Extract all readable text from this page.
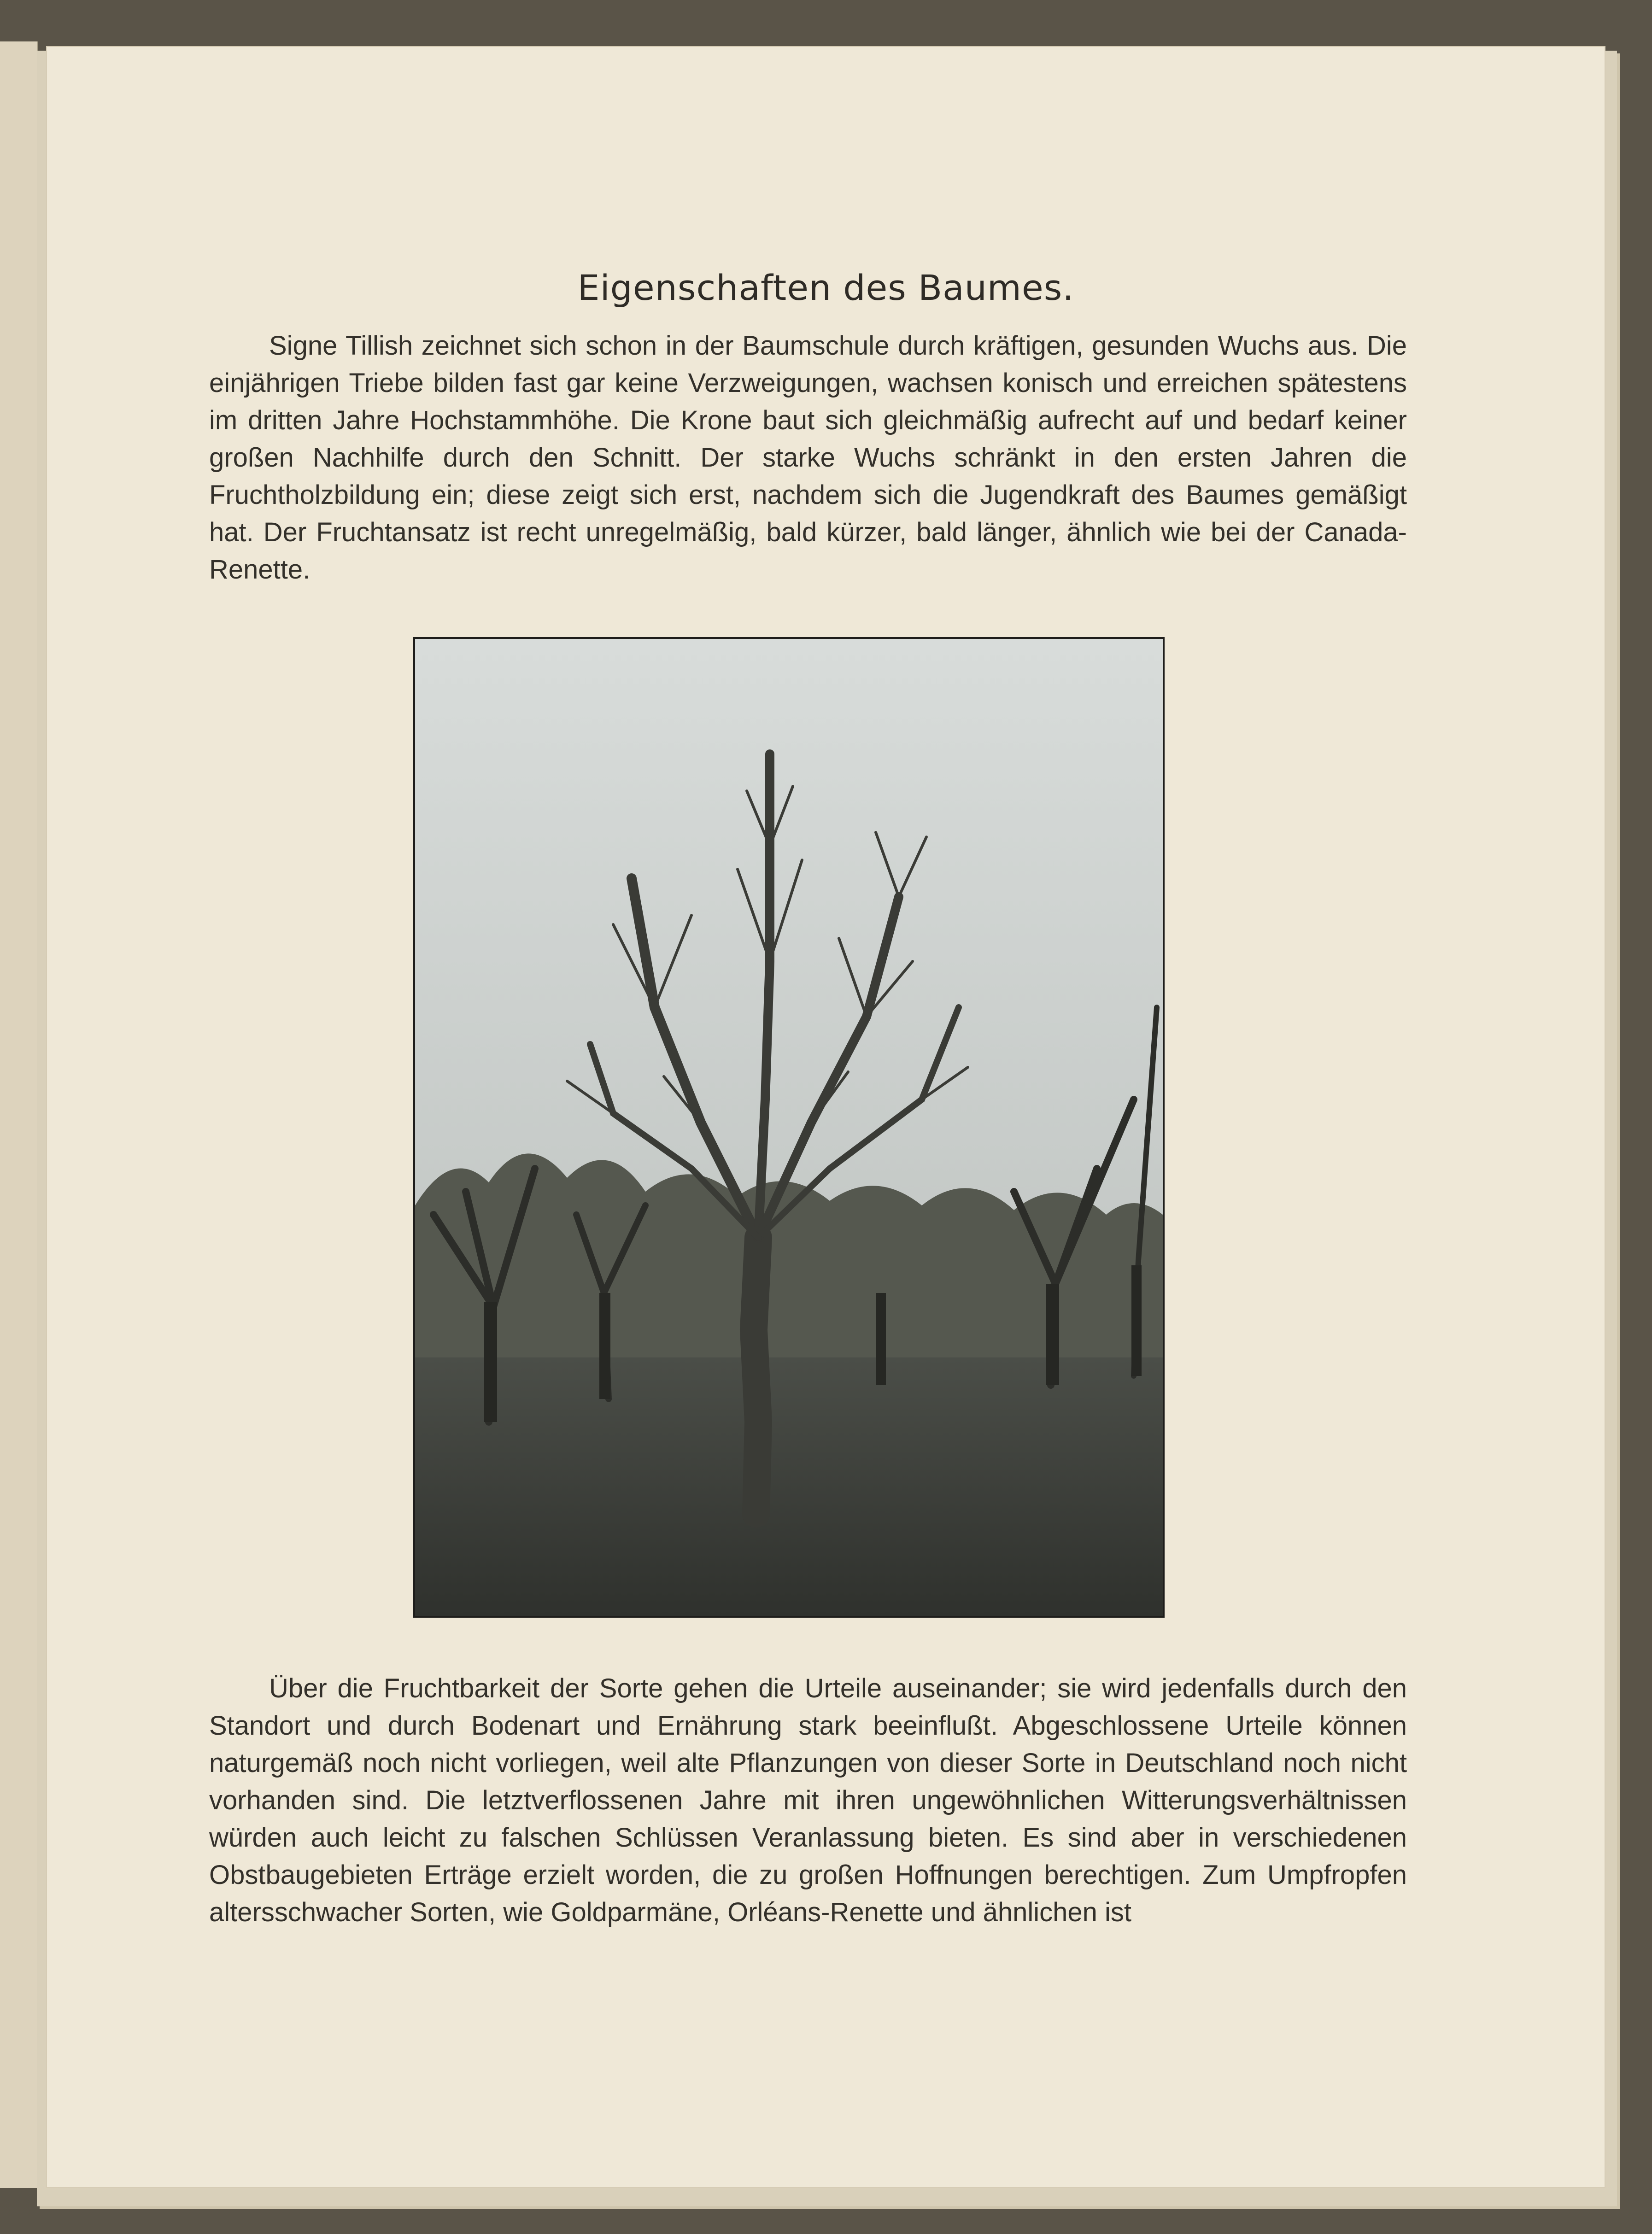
Eigenschaften des Baumes.

Signe Tillish zeichnet sich schon in der Baumschule durch kräftigen, gesunden Wuchs aus. Die einjährigen Triebe bilden fast gar keine Verzweigungen, wachsen konisch und erreichen spätestens im dritten Jahre Hochstammhöhe. Die Krone baut sich gleichmäßig aufrecht auf und bedarf keiner großen Nachhilfe durch den Schnitt. Der starke Wuchs schränkt in den ersten Jahren die Fruchtholzbildung ein; diese zeigt sich erst, nachdem sich die Jugendkraft des Baumes gemäßigt hat. Der Fruchtansatz ist recht unregelmäßig, bald kürzer, bald länger, ähnlich wie bei der Canada-Renette.

Über die Fruchtbarkeit der Sorte gehen die Urteile auseinander; sie wird jedenfalls durch den Standort und durch Bodenart und Ernährung stark beeinflußt. Abgeschlossene Urteile können naturgemäß noch nicht vorliegen, weil alte Pflanzungen von dieser Sorte in Deutschland noch nicht vorhanden sind. Die letztverflossenen Jahre mit ihren ungewöhnlichen Witterungsverhältnissen würden auch leicht zu falschen Schlüssen Veranlassung bieten. Es sind aber in verschiedenen Obstbaugebieten Erträge erzielt worden, die zu großen Hoffnungen berechtigen. Zum Umpfropfen altersschwacher Sorten, wie Goldparmäne, Orléans-Renette und ähnlichen ist
